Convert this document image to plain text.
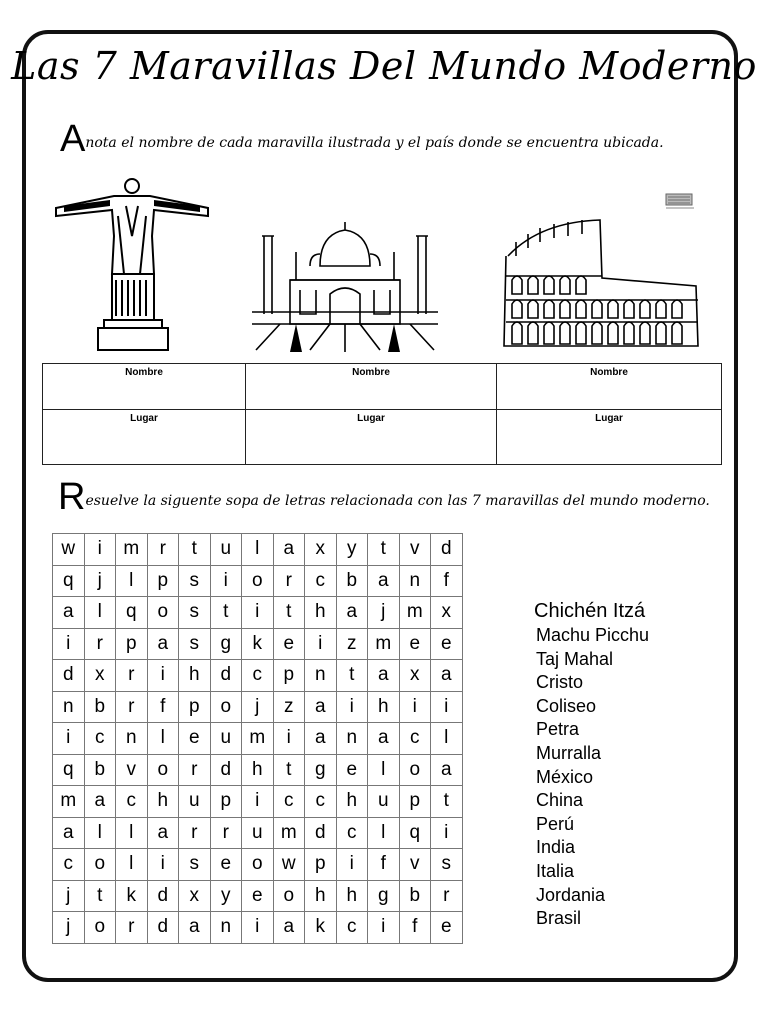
Las 7 Maravillas Del Mundo Moderno
Anota el nombre de cada maravilla ilustrada y el país donde se encuentra ubicada.
Nombre	Nombre	Nombre
Lugar	Lugar	Lugar
Resuelve la siguente sopa de letras relacionada con las 7 maravillas del mundo moderno.
w	i	m	r	t	u	l	a	x	y	t	v	d
q	j	l	p	s	i	o	r	c	b	a	n	f
a	l	q	o	s	t	i	t	h	a	j	m	x
i	r	p	a	s	g	k	e	i	z	m	e	e
d	x	r	i	h	d	c	p	n	t	a	x	a
n	b	r	f	p	o	j	z	a	i	h	i	i
i	c	n	l	e	u	m	i	a	n	a	c	l
q	b	v	o	r	d	h	t	g	e	l	o	a
m	a	c	h	u	p	i	c	c	h	u	p	t
a	l	l	a	r	r	u	m	d	c	l	q	i
c	o	l	i	s	e	o	w	p	i	f	v	s
j	t	k	d	x	y	e	o	h	h	g	b	r
j	o	r	d	a	n	i	a	k	c	i	f	e
Chichén Itzá
Machu Picchu
Taj Mahal
Cristo
Coliseo
Petra
Murralla
México
China
Perú
India
Italia
Jordania
Brasil
